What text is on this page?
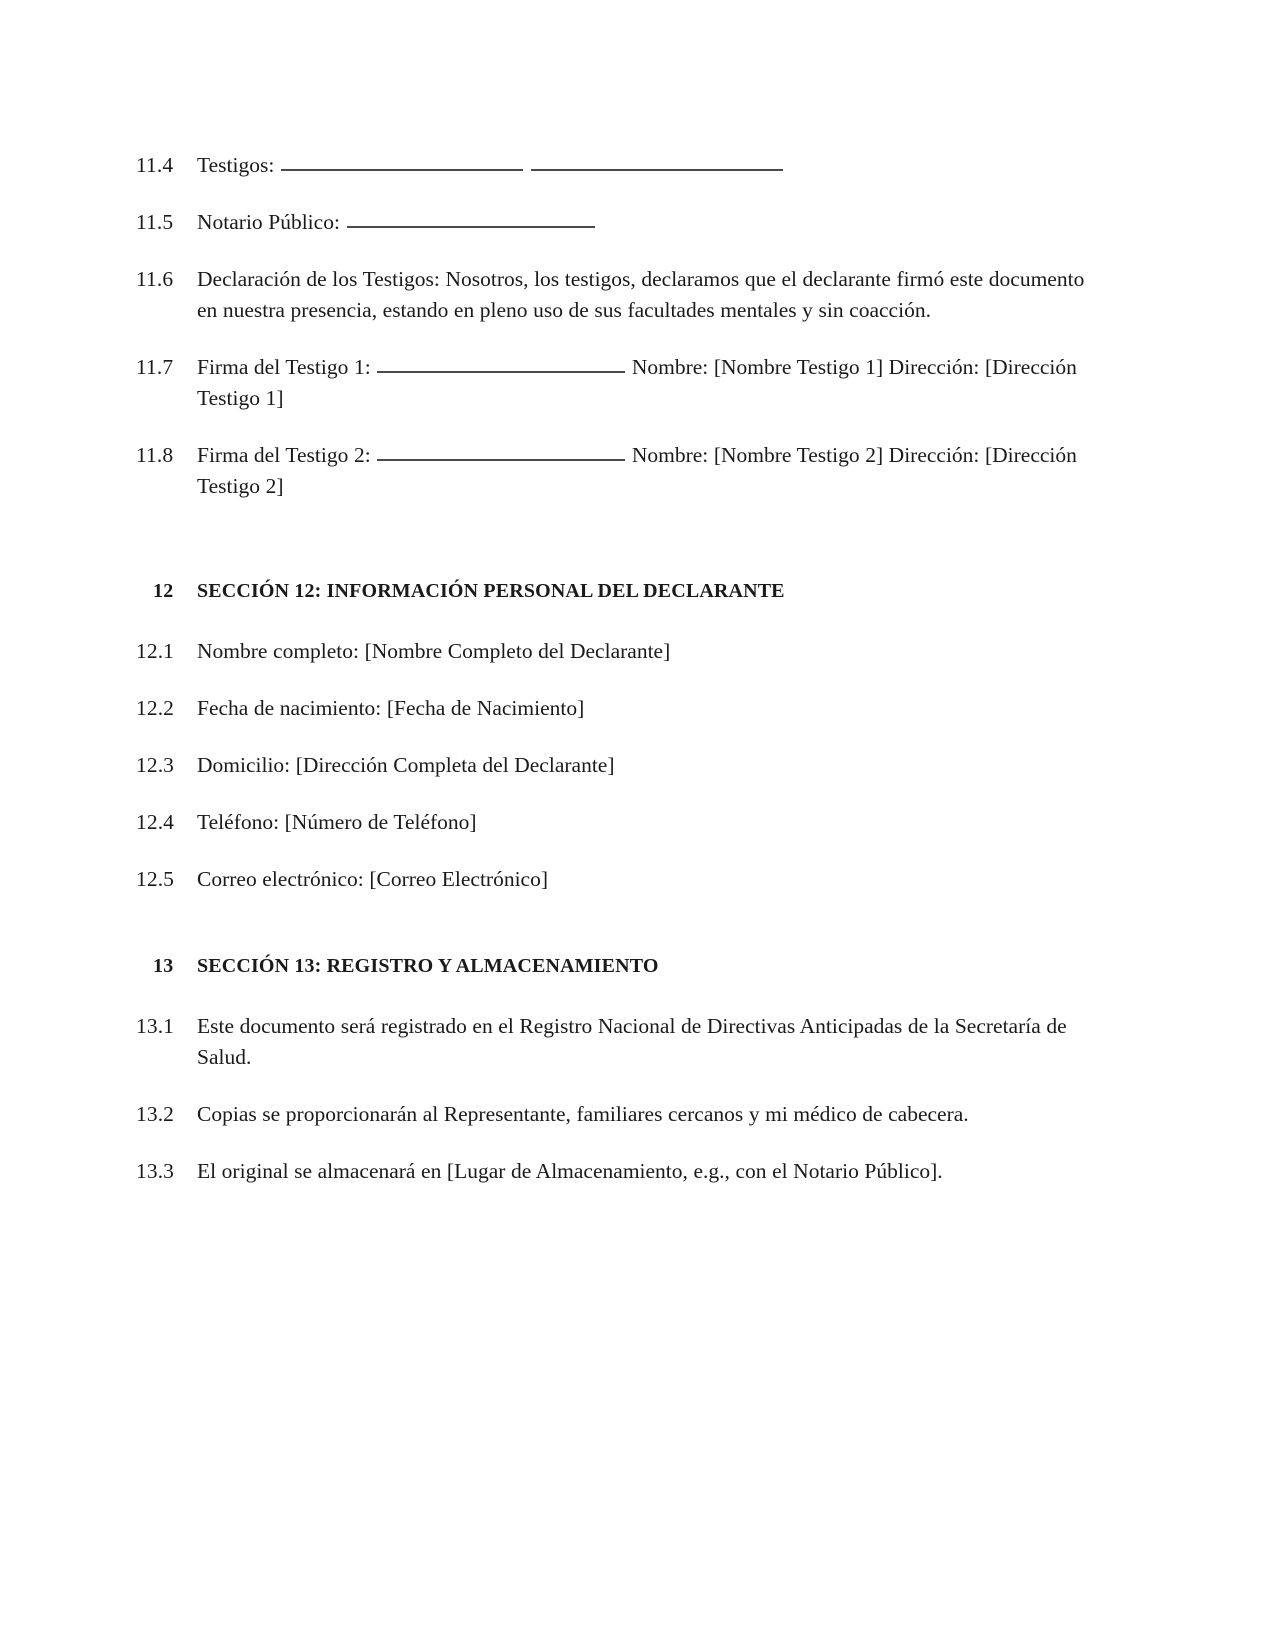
11.4	Testigos:
11.5	Notario Público:
11.6	Declaración de los Testigos: Nosotros, los testigos, declaramos que el declarante firmó este documento en nuestra presencia, estando en pleno uso de sus facultades mentales y sin coacción.
11.7	Firma del Testigo 1:	Nombre: [Nombre Testigo 1] Dirección: [Dirección Testigo 1]
11.8	Firma del Testigo 2:	Nombre: [Nombre Testigo 2] Dirección: [Dirección Testigo 2]
12	SECCIÓN 12: INFORMACIÓN PERSONAL DEL DECLARANTE
12.1	Nombre completo: [Nombre Completo del Declarante]
12.2	Fecha de nacimiento: [Fecha de Nacimiento]
12.3	Domicilio: [Dirección Completa del Declarante]
12.4	Teléfono: [Número de Teléfono]
12.5	Correo electrónico: [Correo Electrónico]
13	SECCIÓN 13: REGISTRO Y ALMACENAMIENTO
13.1	Este documento será registrado en el Registro Nacional de Directivas Anticipadas de la Secretaría de Salud.
13.2	Copias se proporcionarán al Representante, familiares cercanos y mi médico de cabecera.
13.3	El original se almacenará en [Lugar de Almacenamiento, e.g., con el Notario Público].
